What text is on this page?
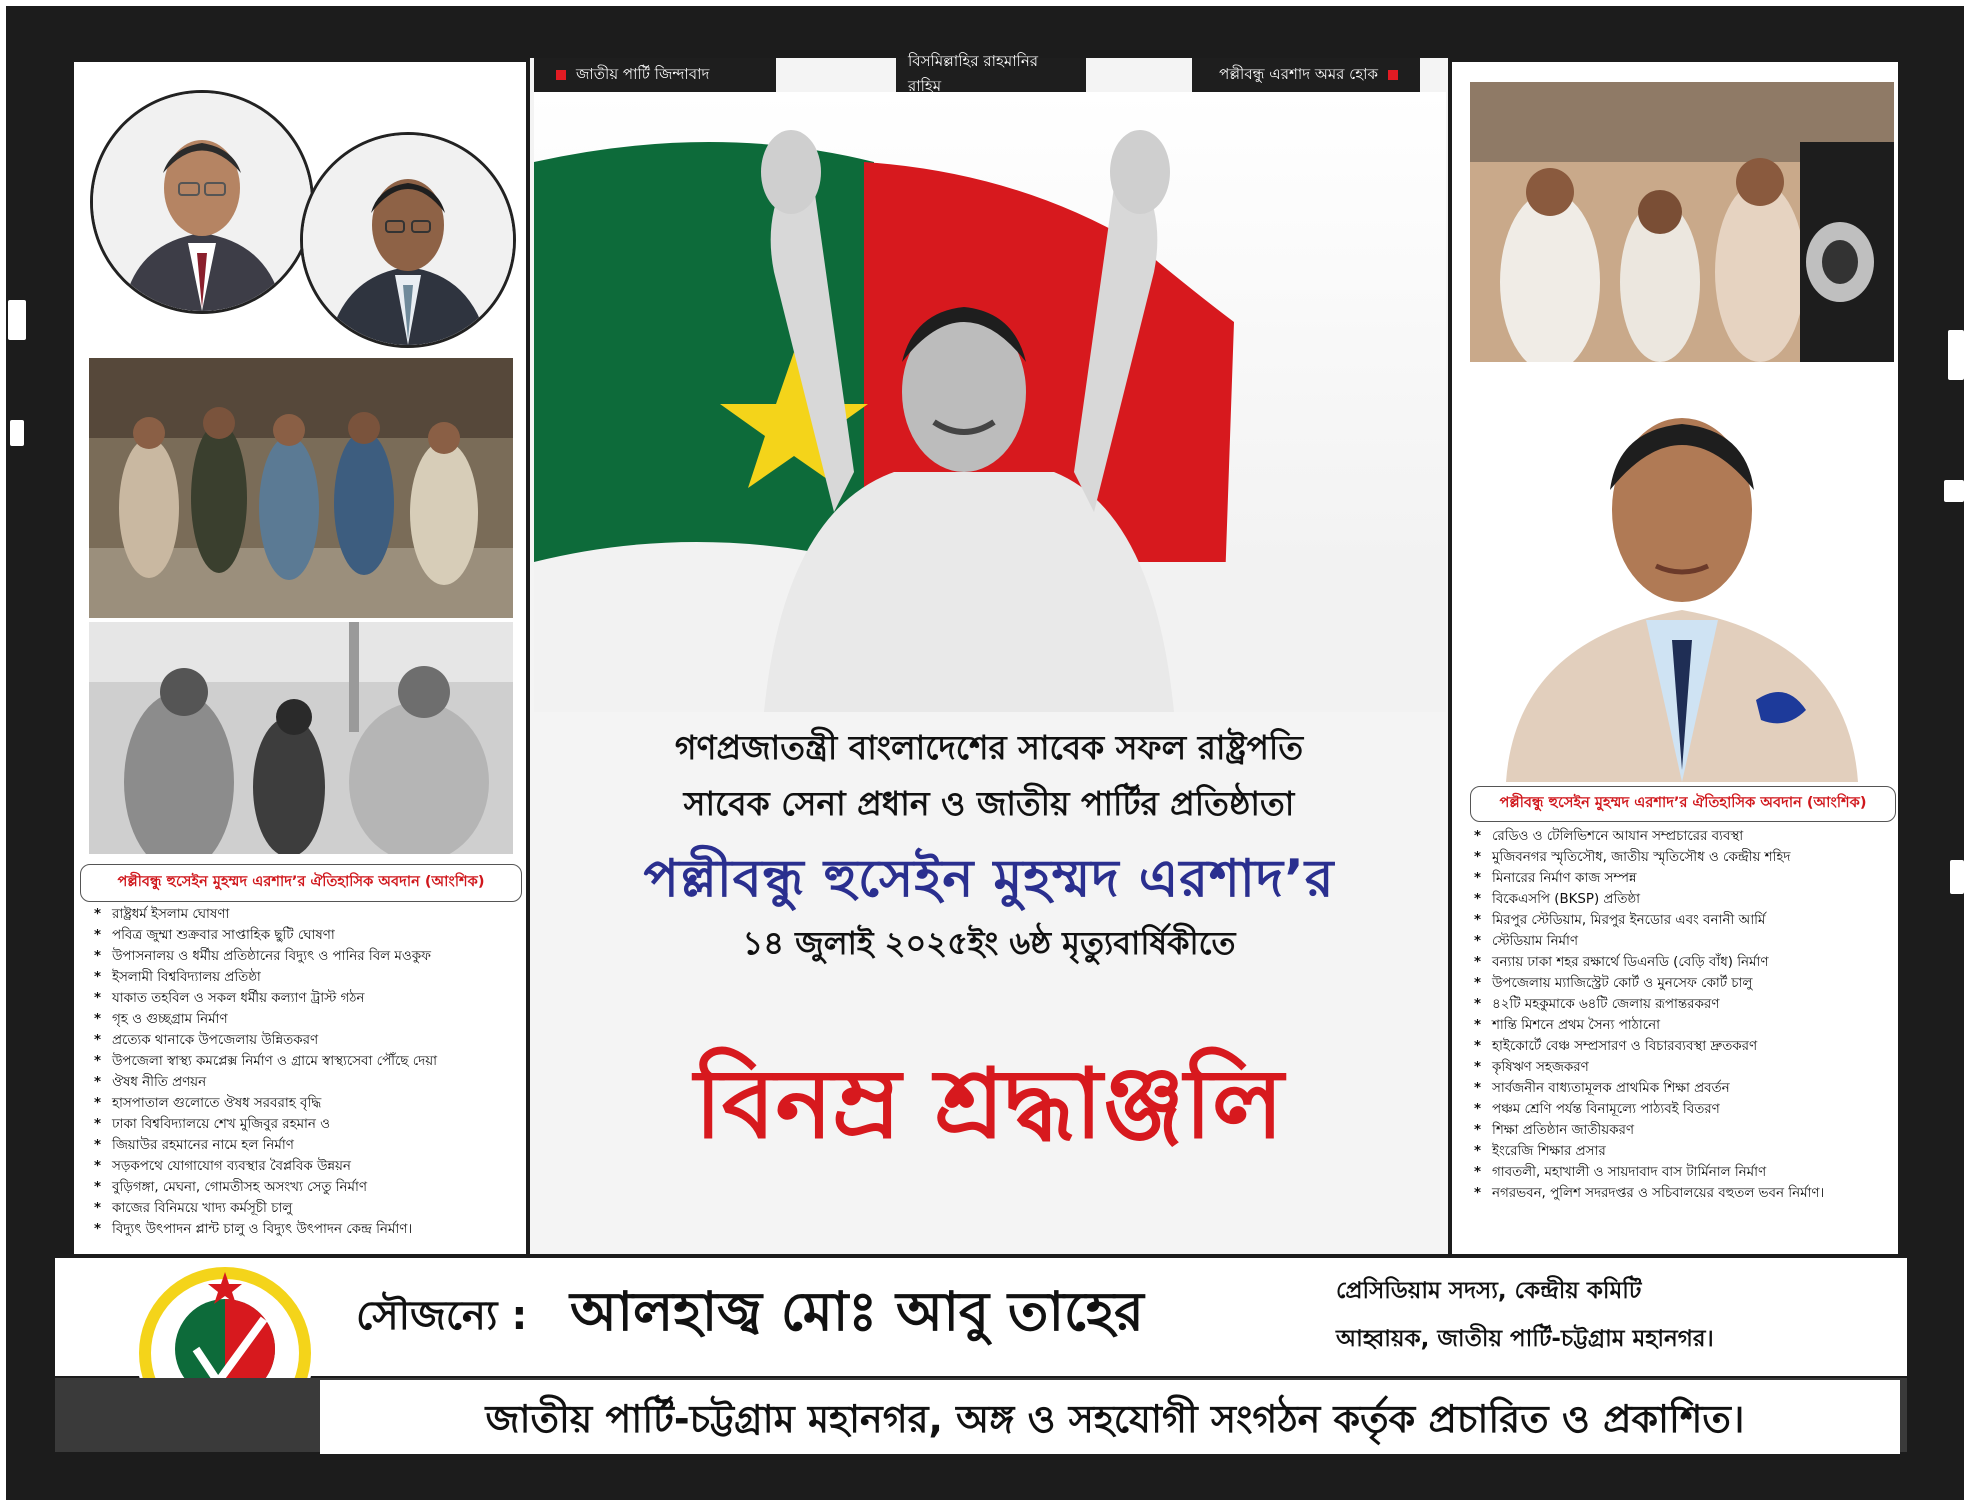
পল্লীবন্ধু হুসেইন মুহম্মদ এরশাদ’র ঐতিহাসিক অবদান (আংশিক)
* রাষ্ট্রধর্ম ইসলাম ঘোষণা
* পবিত্র জুম্মা শুক্রবার সাপ্তাহিক ছুটি ঘোষণা
* উপাসনালয় ও ধর্মীয় প্রতিষ্ঠানের বিদ্যুৎ ও পানির বিল মওকুফ
* ইসলামী বিশ্ববিদ্যালয় প্রতিষ্ঠা
* যাকাত তহবিল ও সকল ধর্মীয় কল্যাণ ট্রাস্ট গঠন
* গৃহ ও গুচ্ছগ্রাম নির্মাণ
* প্রত্যেক থানাকে উপজেলায় উন্নিতকরণ
* উপজেলা স্বাস্থ্য কমপ্লেক্স নির্মাণ ও গ্রামে স্বাস্থ্যসেবা পৌঁছে দেয়া
* ঔষধ নীতি প্রণয়ন
* হাসপাতাল গুলোতে ঔষধ সরবরাহ বৃদ্ধি
* ঢাকা বিশ্ববিদ্যালয়ে শেখ মুজিবুর রহমান ও
* জিয়াউর রহমানের নামে হল নির্মাণ
* সড়কপথে যোগাযোগ ব্যবস্থার বৈপ্লবিক উন্নয়ন
* বুড়িগঙ্গা, মেঘনা, গোমতীসহ অসংখ্য সেতু নির্মাণ
* কাজের বিনিময়ে খাদ্য কর্মসূচী চালু
* বিদ্যুৎ উৎপাদন প্লান্ট চালু ও বিদ্যুৎ উৎপাদন কেন্দ্র নির্মাণ।
জাতীয় পার্টি জিন্দাবাদ
বিসমিল্লাহির রাহমানির রাহিম
পল্লীবন্ধু এরশাদ অমর হোক
গণপ্রজাতন্ত্রী বাংলাদেশের সাবেক সফল রাষ্ট্রপতি
সাবেক সেনা প্রধান ও জাতীয় পার্টির প্রতিষ্ঠাতা
পল্লীবন্ধু হুসেইন মুহম্মদ এরশাদ’র
১৪ জুলাই ২০২৫ইং ৬ষ্ঠ মৃত্যুবার্ষিকীতে
বিনম্র শ্রদ্ধাঞ্জলি
পল্লীবন্ধু হুসেইন মুহম্মদ এরশাদ’র ঐতিহাসিক অবদান (আংশিক)
* রেডিও ও টেলিভিশনে আযান সম্প্রচারের ব্যবস্থা
* মুজিবনগর স্মৃতিসৌধ, জাতীয় স্মৃতিসৌধ ও কেন্দ্রীয় শহিদ
* মিনারের নির্মাণ কাজ সম্পন্ন
* বিকেএসপি (BKSP) প্রতিষ্ঠা
* মিরপুর স্টেডিয়াম, মিরপুর ইনডোর এবং বনানী আর্মি
* স্টেডিয়াম নির্মাণ
* বন্যায় ঢাকা শহর রক্ষার্থে ডিএনডি (বেড়ি বাঁধ) নির্মাণ
* উপজেলায় ম্যাজিস্ট্রেট কোর্ট ও মুনসেফ কোর্ট চালু
* ৪২টি মহকুমাকে ৬৪টি জেলায় রূপান্তরকরণ
* শান্তি মিশনে প্রথম সৈন্য পাঠানো
* হাইকোর্টে বেঞ্চ সম্প্রসারণ ও বিচারব্যবস্থা দ্রুতকরণ
* কৃষিঋণ সহজকরণ
* সার্বজনীন বাধ্যতামূলক প্রাথমিক শিক্ষা প্রবর্তন
* পঞ্চম শ্রেণি পর্যন্ত বিনামূল্যে পাঠ্যবই বিতরণ
* শিক্ষা প্রতিষ্ঠান জাতীয়করণ
* ইংরেজি শিক্ষার প্রসার
* গাবতলী, মহাখালী ও সায়দাবাদ বাস টার্মিনাল নির্মাণ
* নগরভবন, পুলিশ সদরদপ্তর ও সচিবালয়ের বহুতল ভবন নির্মাণ।
সৌজন্যে : আলহাজ্ব মোঃ আবু তাহের	প্রেসিডিয়াম সদস্য, কেন্দ্রীয় কমিটি
আহ্বায়ক, জাতীয় পার্টি-চট্টগ্রাম মহানগর।
জাতীয় পার্টি-চট্টগ্রাম মহানগর, অঙ্গ ও সহযোগী সংগঠন কর্তৃক প্রচারিত ও প্রকাশিত।
